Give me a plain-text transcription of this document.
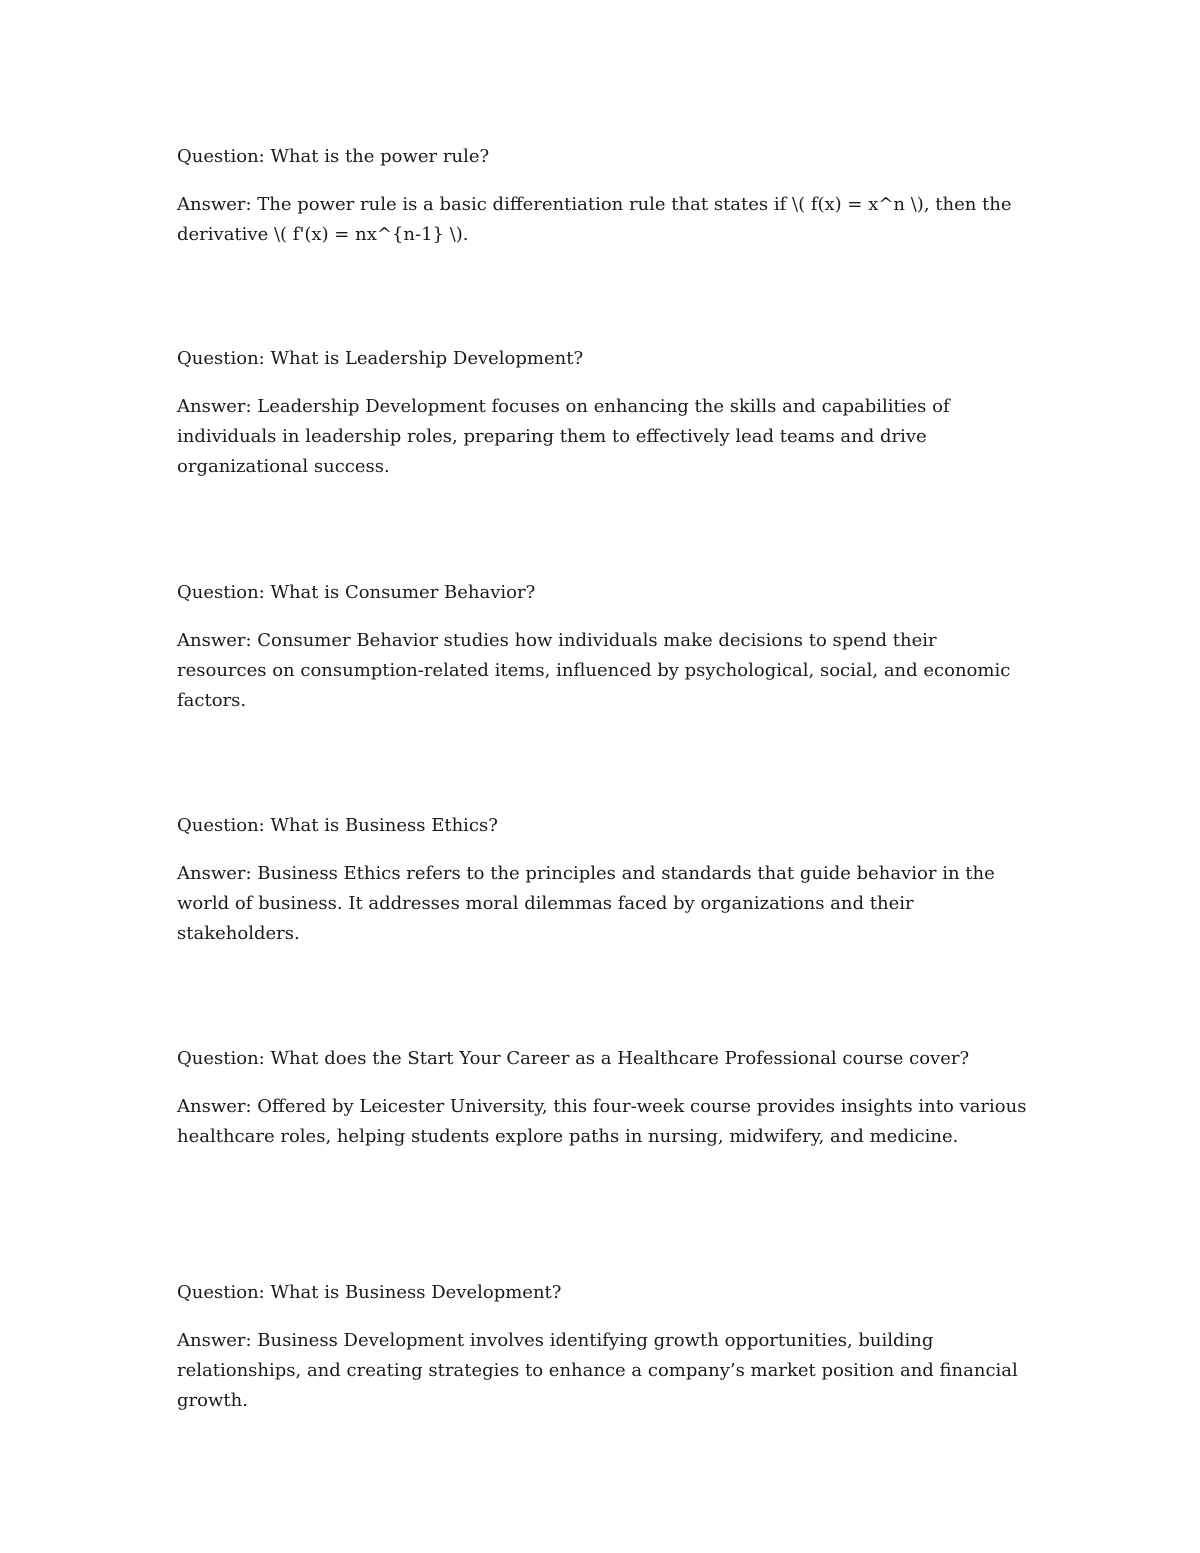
Question: What is the power rule?

Answer: The power rule is a basic differentiation rule that states if \( f(x) = x^n \), then the derivative \( f'(x) = nx^{n-1} \).

Question: What is Leadership Development?

Answer: Leadership Development focuses on enhancing the skills and capabilities of individuals in leadership roles, preparing them to effectively lead teams and drive organizational success.

Question: What is Consumer Behavior?

Answer: Consumer Behavior studies how individuals make decisions to spend their resources on consumption-related items, influenced by psychological, social, and economic factors.

Question: What is Business Ethics?

Answer: Business Ethics refers to the principles and standards that guide behavior in the world of business. It addresses moral dilemmas faced by organizations and their stakeholders.

Question: What does the Start Your Career as a Healthcare Professional course cover?

Answer: Offered by Leicester University, this four-week course provides insights into various healthcare roles, helping students explore paths in nursing, midwifery, and medicine.

Question: What is Business Development?

Answer: Business Development involves identifying growth opportunities, building relationships, and creating strategies to enhance a company’s market position and financial growth.
